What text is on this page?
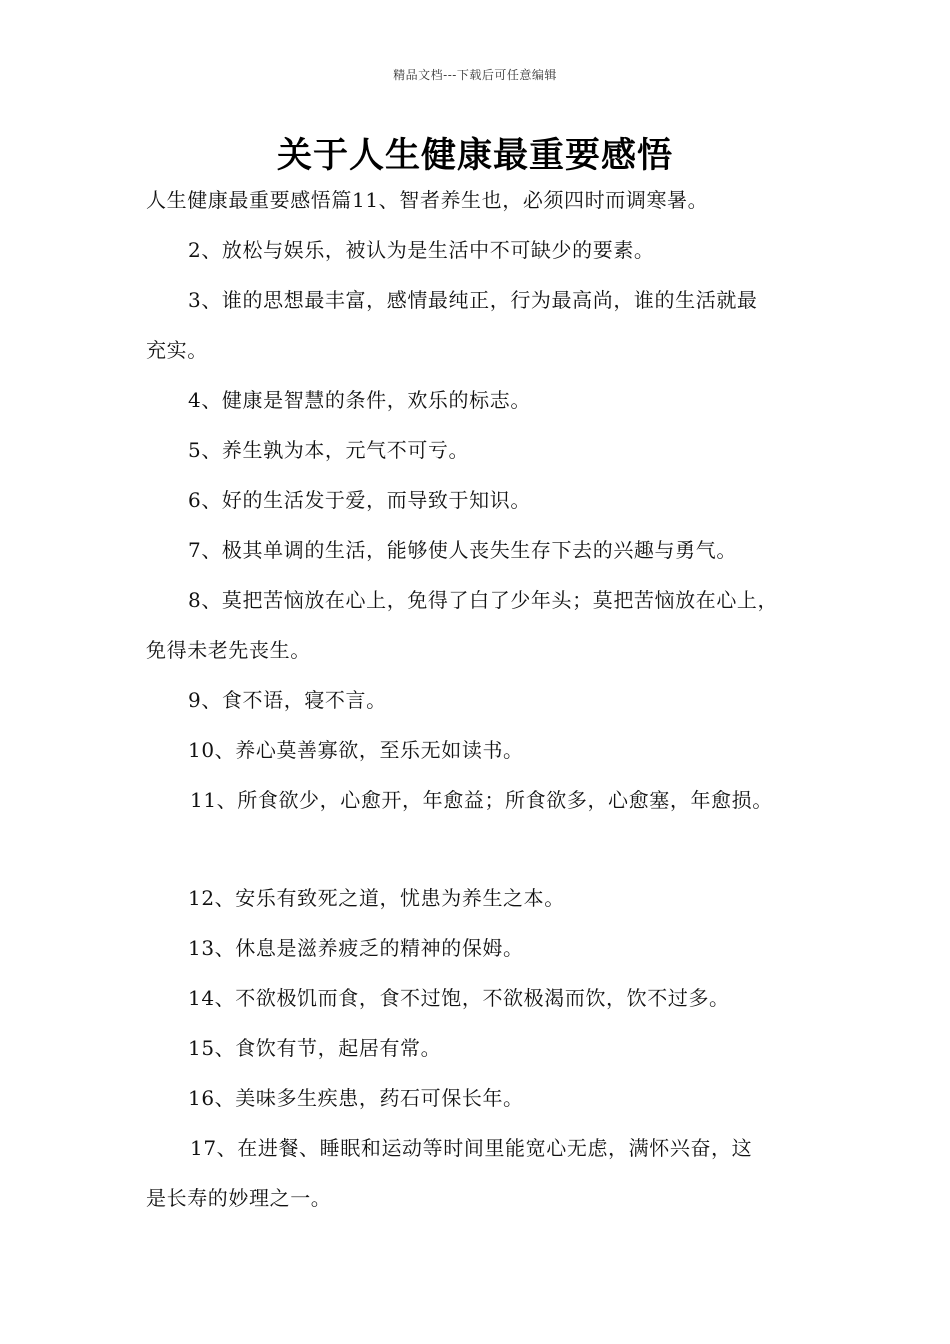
精品文档---下载后可任意编辑
关于人生健康最重要感悟
人生健康最重要感悟篇11、智者养生也，必须四时而调寒暑。
2、放松与娱乐，被认为是生活中不可缺少的要素。
3、谁的思想最丰富，感情最纯正，行为最高尚，谁的生活就最
充实。
4、健康是智慧的条件，欢乐的标志。
5、养生孰为本，元气不可亏。
6、好的生活发于爱，而导致于知识。
7、极其单调的生活，能够使人丧失生存下去的兴趣与勇气。
8、莫把苦恼放在心上，免得了白了少年头；莫把苦恼放在心上，
免得未老先丧生。
9、食不语，寝不言。
10、养心莫善寡欲，至乐无如读书。
11、所食欲少，心愈开，年愈益；所食欲多，心愈塞，年愈损。
12、安乐有致死之道，忧患为养生之本。
13、休息是滋养疲乏的精神的保姆。
14、不欲极饥而食，食不过饱，不欲极渴而饮，饮不过多。
15、食饮有节，起居有常。
16、美味多生疾患，药石可保长年。
17、在进餐、睡眠和运动等时间里能宽心无虑，满怀兴奋，这
是长寿的妙理之一。
